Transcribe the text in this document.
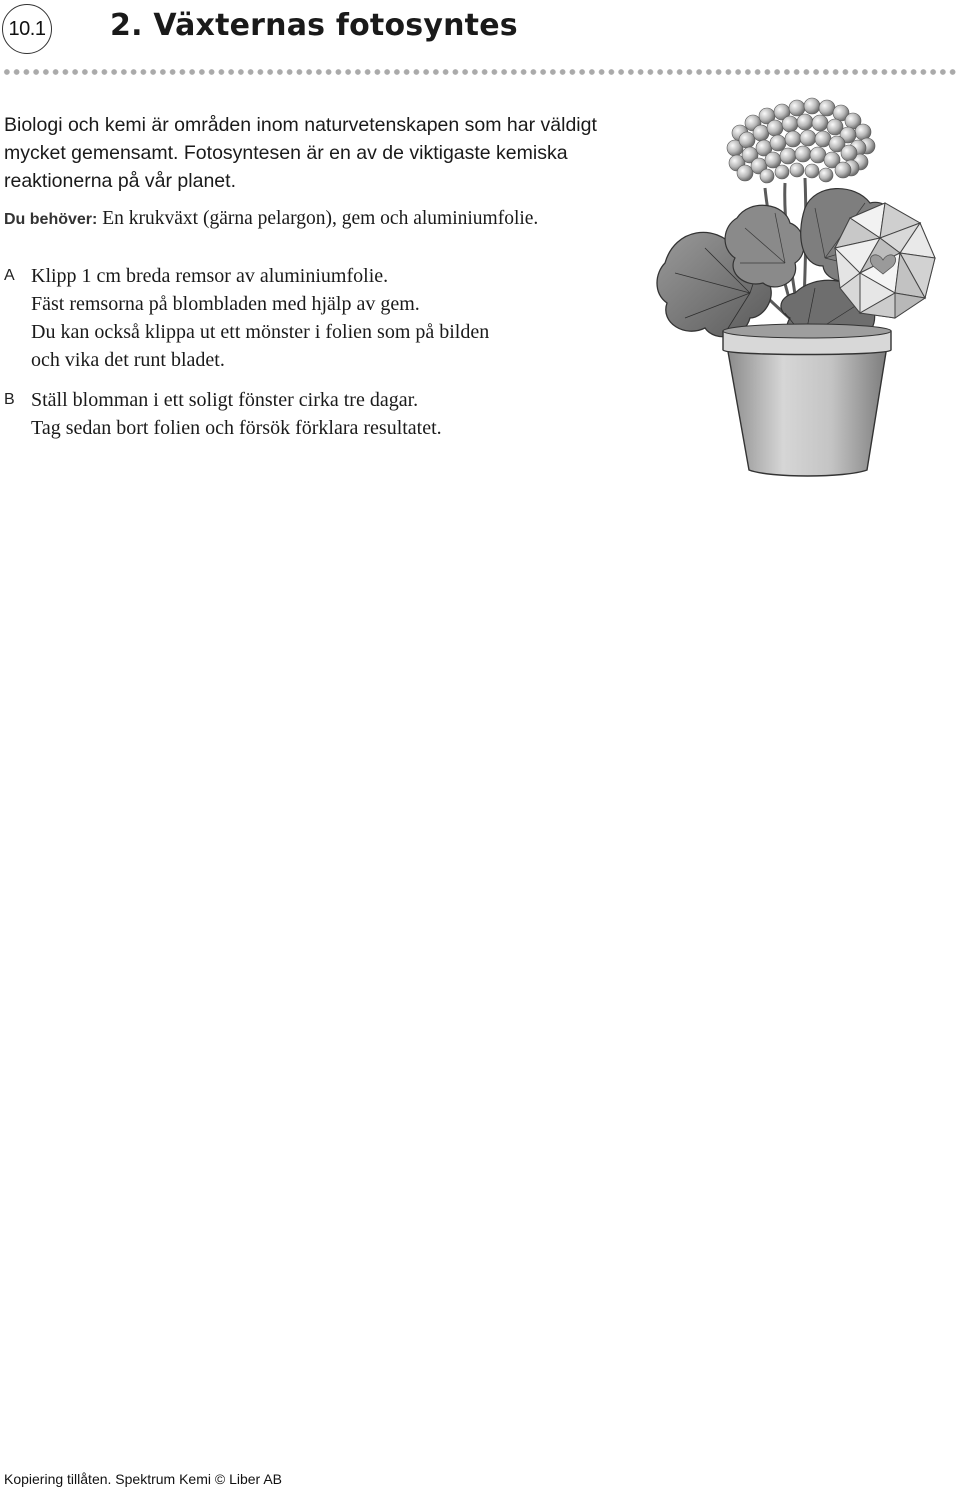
10.1 2. Växternas fotosyntes

Biologi och kemi är områden inom naturvetenskapen som har väldigt mycket gemensamt. Fotosyntesen är en av de viktigaste kemiska reaktionerna på vår planet.

Du behöver: En krukväxt (gärna pelargon), gem och aluminiumfolie.

A Klipp 1 cm breda remsor av aluminiumfolie.
Fäst remsorna på blombladen med hjälp av gem.
Du kan också klippa ut ett mönster i folien som på bilden
och vika det runt bladet.
B Ställ blomman i ett soligt fönster cirka tre dagar.
Tag sedan bort folien och försök förklara resultatet.

Kopiering tillåten. Spektrum Kemi © Liber AB
